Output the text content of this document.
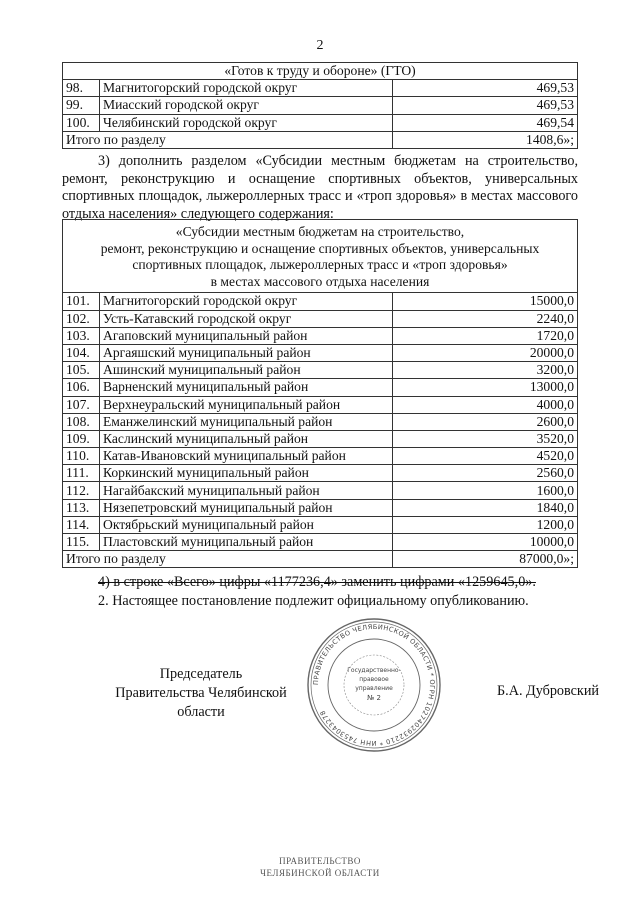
2
«Готов к труду и обороне» (ГТО)		
98.	Магнитогорский городской округ	469,53
99.	Миасский городской округ	469,53
100.	Челябинский городской округ	469,54
Итого по разделу		1408,6»;
3) дополнить разделом «Субсидии местным бюджетам на строительство, ремонт, реконструкцию и оснащение спортивных объектов, универсальных спортивных площадок, лыжероллерных трасс и «троп здоровья» в местах массового отдыха населения» следующего содержания:
«Субсидии местным бюджетам на строительство,
ремонт, реконструкцию и оснащение спортивных объектов, универсальных
спортивных площадок, лыжероллерных трасс и «троп здоровья»
в местах массового отдыха населения		

101.	Магнитогорский городской округ	15000,0
102.	Усть-Катавский городской округ	2240,0
103.	Агаповский муниципальный район	1720,0
104.	Аргаяшский муниципальный район	20000,0
105.	Ашинский муниципальный район	3200,0
106.	Варненский муниципальный район	13000,0
107.	Верхнеуральский муниципальный район	4000,0
108.	Еманжелинский муниципальный район	2600,0
109.	Каслинский муниципальный район	3520,0
110.	Катав-Ивановский муниципальный район	4520,0
111.	Коркинский муниципальный район	2560,0
112.	Нагайбакский муниципальный район	1600,0
113.	Нязепетровский муниципальный район	1840,0
114.	Октябрьский муниципальный район	1200,0
115.	Пластовский муниципальный район	10000,0
Итого по разделу		87000,0»;
4) в строке «Всего» цифры «1177236,4» заменить цифрами «1259645,0».
2. Настоящее постановление подлежит официальному опубликованию.
Председатель
Правительства Челябинской области
Б.А. Дубровский
ПРАВИТЕЛЬСТВО ЧЕЛЯБИНСКОЙ ОБЛАСТИ * ОГРН 1027402932210 * ИНН 7453043278
Государственно-
правовое
управление
№ 2
ПРАВИТЕЛЬСТВО
ЧЕЛЯБИНСКОЙ ОБЛАСТИ
